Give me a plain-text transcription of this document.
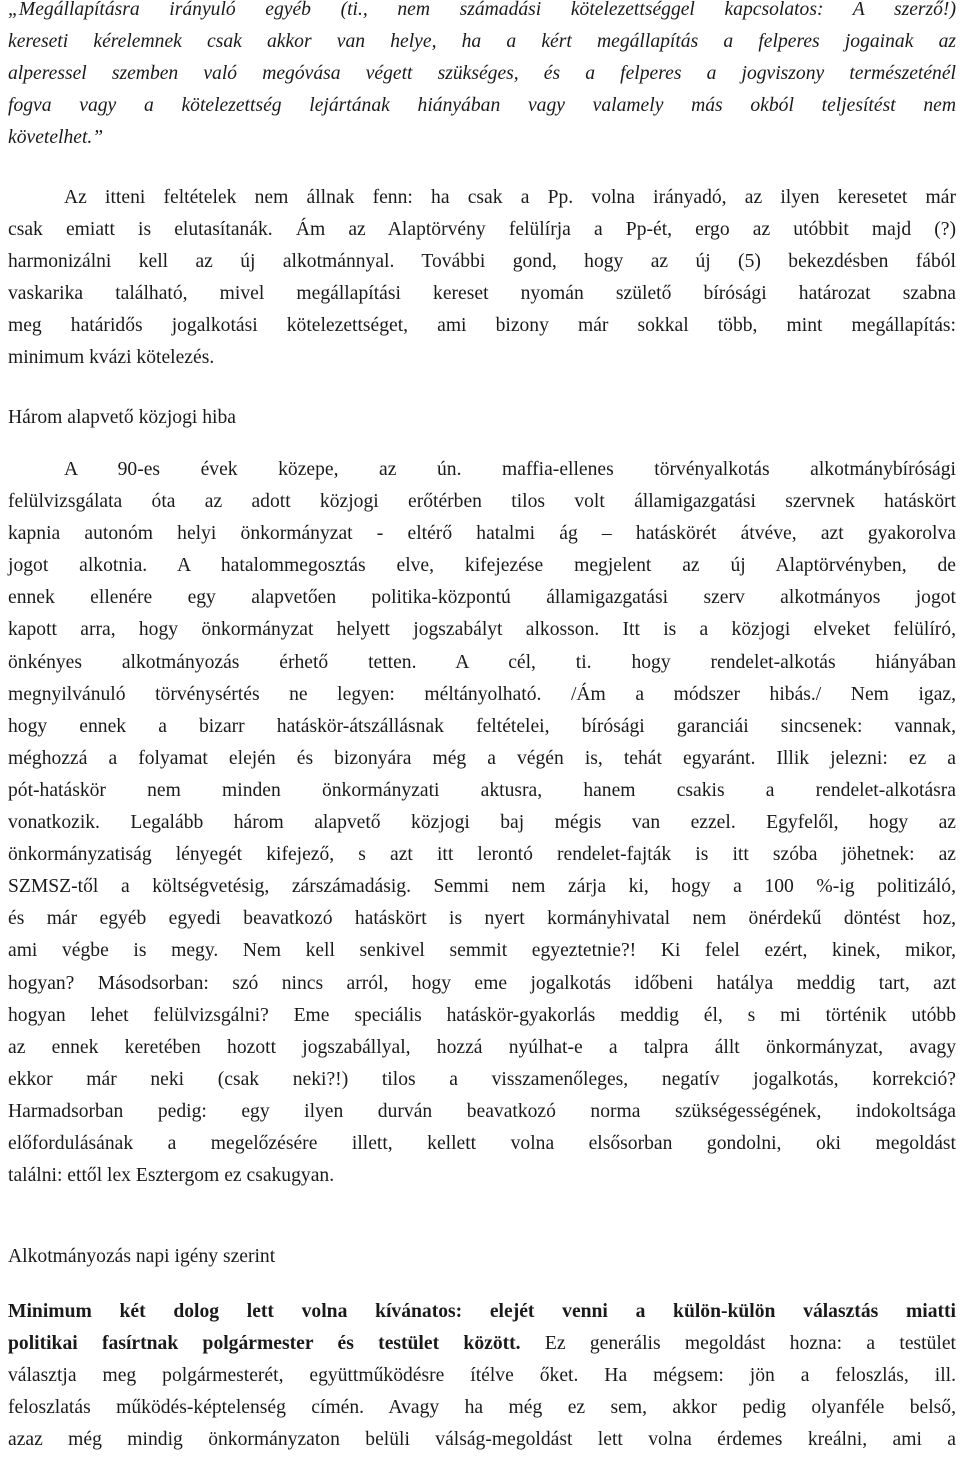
„Megállapításra irányuló egyéb (ti., nem számadási kötelezettséggel kapcsolatos: A szerző!)
kereseti kérelemnek csak akkor van helye, ha a kért megállapítás a felperes jogainak az
alperessel szemben való megóvása végett szükséges, és a felperes a jogviszony természeténél
fogva vagy a kötelezettség lejártának hiányában vagy valamely más okból teljesítést nem
követelhet.”
Az itteni feltételek nem állnak fenn: ha csak a Pp. volna irányadó, az ilyen keresetet már
csak emiatt is elutasítanák. Ám az Alaptörvény felülírja a Pp-ét, ergo az utóbbit majd (?)
harmonizálni kell az új alkotmánnyal. További gond, hogy az új (5) bekezdésben fából
vaskarika található, mivel megállapítási kereset nyomán születő bírósági határozat szabna
meg határidős jogalkotási kötelezettséget, ami bizony már sokkal több, mint megállapítás:
minimum kvázi kötelezés.
Három alapvető közjogi hiba
A 90-es évek közepe, az ún. maffia-ellenes törvényalkotás alkotmánybírósági
felülvizsgálata óta az adott közjogi erőtérben tilos volt államigazgatási szervnek hatáskört
kapnia autonóm helyi önkormányzat - eltérő hatalmi ág – hatáskörét átvéve, azt gyakorolva
jogot alkotnia. A hatalommegosztás elve, kifejezése megjelent az új Alaptörvényben, de
ennek ellenére egy alapvetően politika-központú államigazgatási szerv alkotmányos jogot
kapott arra, hogy önkormányzat helyett jogszabályt alkosson. Itt is a közjogi elveket felülíró,
önkényes alkotmányozás érhető tetten. A cél, ti. hogy rendelet-alkotás hiányában
megnyilvánuló törvénysértés ne legyen: méltányolható. /Ám a módszer hibás./ Nem igaz,
hogy ennek a bizarr hatáskör-átszállásnak feltételei, bírósági garanciái sincsenek: vannak,
méghozzá a folyamat elején és bizonyára még a végén is, tehát egyaránt. Illik jelezni: ez a
pót-hatáskör nem minden önkormányzati aktusra, hanem csakis a rendelet-alkotásra
vonatkozik. Legalább három alapvető közjogi baj mégis van ezzel. Egyfelől, hogy az
önkormányzatiság lényegét kifejező, s azt itt lerontó rendelet-fajták is itt szóba jöhetnek: az
SZMSZ-től a költségvetésig, zárszámadásig. Semmi nem zárja ki, hogy a 100 %-ig politizáló,
és már egyéb egyedi beavatkozó hatáskört is nyert kormányhivatal nem önérdekű döntést hoz,
ami végbe is megy. Nem kell senkivel semmit egyeztetnie?! Ki felel ezért, kinek, mikor,
hogyan? Másodsorban: szó nincs arról, hogy eme jogalkotás időbeni hatálya meddig tart, azt
hogyan lehet felülvizsgálni? Eme speciális hatáskör-gyakorlás meddig él, s mi történik utóbb
az ennek keretében hozott jogszabállyal, hozzá nyúlhat-e a talpra állt önkormányzat, avagy
ekkor már neki (csak neki?!) tilos a visszamenőleges, negatív jogalkotás, korrekció?
Harmadsorban pedig: egy ilyen durván beavatkozó norma szükségességének, indokoltsága
előfordulásának a megelőzésére illett, kellett volna elsősorban gondolni, oki megoldást
találni: ettől lex Esztergom ez csakugyan.
Alkotmányozás napi igény szerint
Minimum két dolog lett volna kívánatos: elejét venni a külön-külön választás miatti
politikai fasírtnak polgármester és testület között. Ez generális megoldást hozna: a testület
választja meg polgármesterét, együttműködésre ítélve őket. Ha mégsem: jön a feloszlás, ill.
feloszlatás működés-képtelenség címén. Avagy ha még ez sem, akkor pedig olyanféle belső,
azaz még mindig önkormányzaton belüli válság-megoldást lett volna érdemes kreálni, ami a
